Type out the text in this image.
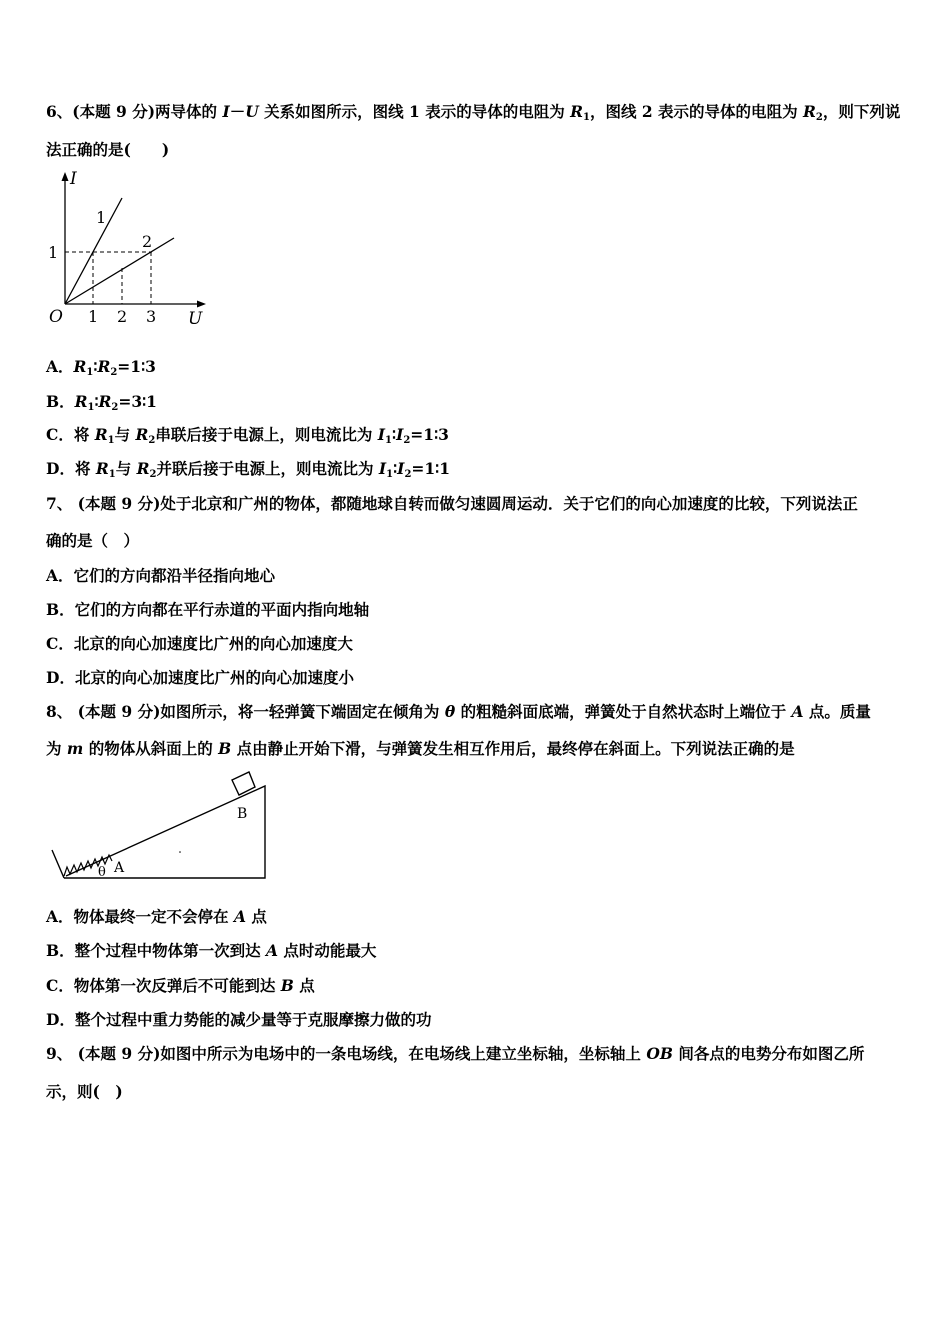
6、(本题 9 分)两导体的 I－U 关系如图所示，图线 1 表示的导体的电阻为 $R_1$，图线 2 表示的导体的电阻为 $R_2$，则下列说
法正确的是(　　)
I
U
O 1 2 3
1
1
2
A．$R_1∶R_2=1∶3$
B．$R_1∶R_2=3∶1$
C．将 $R_1$与 $R_2$串联后接于电源上，则电流比为 $I_1∶I_2=1∶3$
D．将 $R_1$与 $R_2$并联后接于电源上，则电流比为 $I_1∶I_2=1∶1$
7、 (本题 9 分)处于北京和广州的物体，都随地球自转而做匀速圆周运动．关于它们的向心加速度的比较，下列说法正
确的是（　）
A．它们的方向都沿半径指向地心
B．它们的方向都在平行赤道的平面内指向地轴
C．北京的向心加速度比广州的向心加速度大
D．北京的向心加速度比广州的向心加速度小
8、 (本题 9 分)如图所示，将一轻弹簧下端固定在倾角为 θ 的粗糙斜面底端，弹簧处于自然状态时上端位于 A 点。质量
为 m 的物体从斜面上的 B 点由静止开始下滑，与弹簧发生相互作用后，最终停在斜面上。下列说法正确的是
B
A
θ
A．物体最终一定不会停在 A 点
B．整个过程中物体第一次到达 A 点时动能最大
C．物体第一次反弹后不可能到达 B 点
D．整个过程中重力势能的减少量等于克服摩擦力做的功
9、 (本题 9 分)如图中所示为电场中的一条电场线，在电场线上建立坐标轴，坐标轴上 OB 间各点的电势分布如图乙所
示，则(　)
